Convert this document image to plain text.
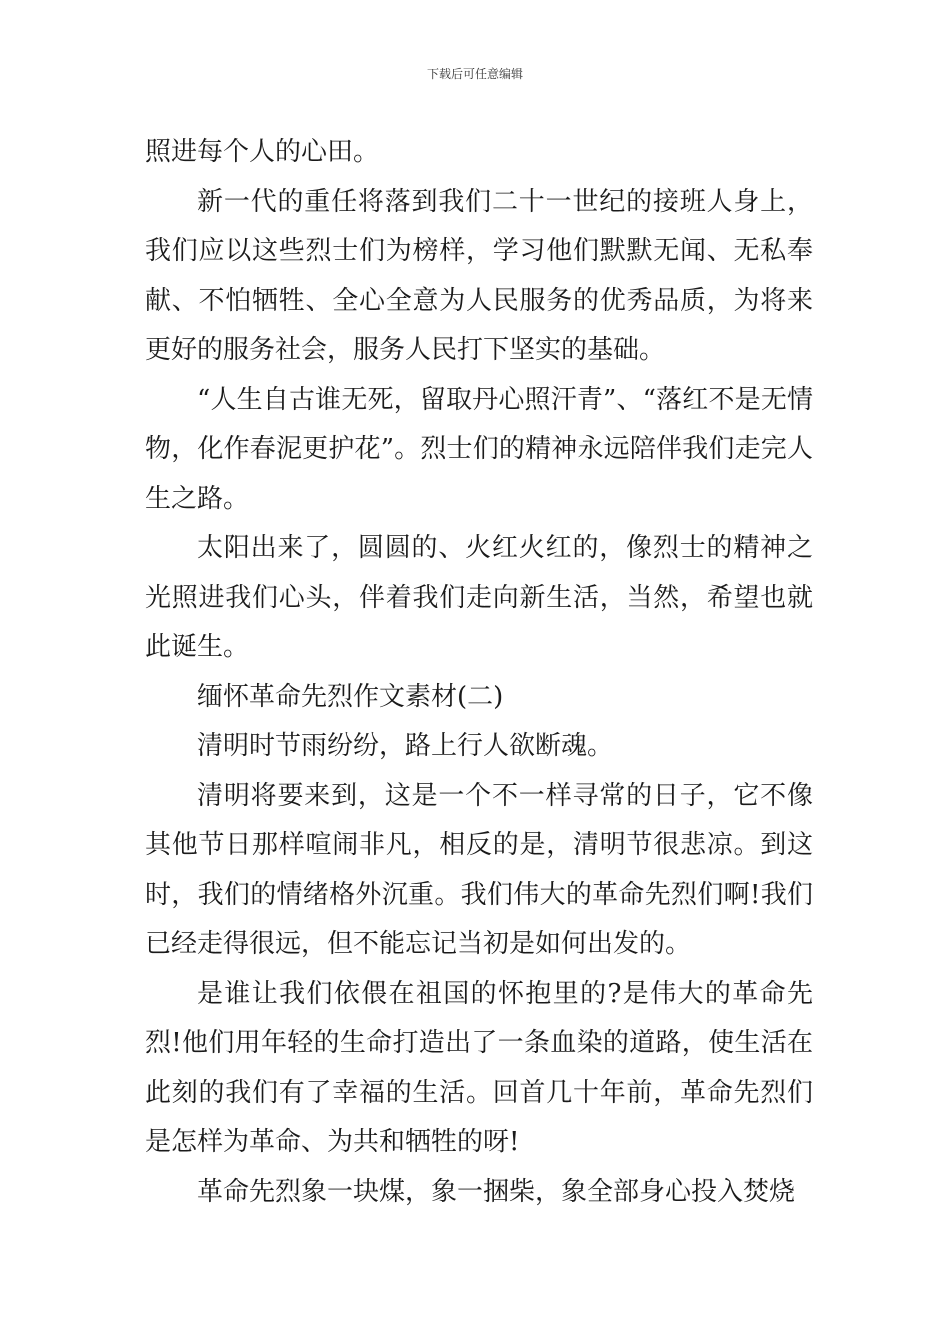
下载后可任意编辑

照进每个人的心田。

新一代的重任将落到我们二十一世纪的接班人身上，我们应以这些烈士们为榜样，学习他们默默无闻、无私奉献、不怕牺牲、全心全意为人民服务的优秀品质，为将来更好的服务社会，服务人民打下坚实的基础。

“人生自古谁无死，留取丹心照汗青”、“落红不是无情物，化作春泥更护花”。烈士们的精神永远陪伴我们走完人生之路。

太阳出来了，圆圆的、火红火红的，像烈士的精神之光照进我们心头，伴着我们走向新生活，当然，希望也就此诞生。

缅怀革命先烈作文素材(二)

清明时节雨纷纷，路上行人欲断魂。

清明将要来到，这是一个不一样寻常的日子，它不像其他节日那样喧闹非凡，相反的是，清明节很悲凉。到这时，我们的情绪格外沉重。我们伟大的革命先烈们啊!我们已经走得很远，但不能忘记当初是如何出发的。

是谁让我们依偎在祖国的怀抱里的?是伟大的革命先烈!他们用年轻的生命打造出了一条血染的道路，使生活在此刻的我们有了幸福的生活。回首几十年前，革命先烈们是怎样为革命、为共和牺牲的呀!

革命先烈象一块煤，象一捆柴，象全部身心投入焚烧
